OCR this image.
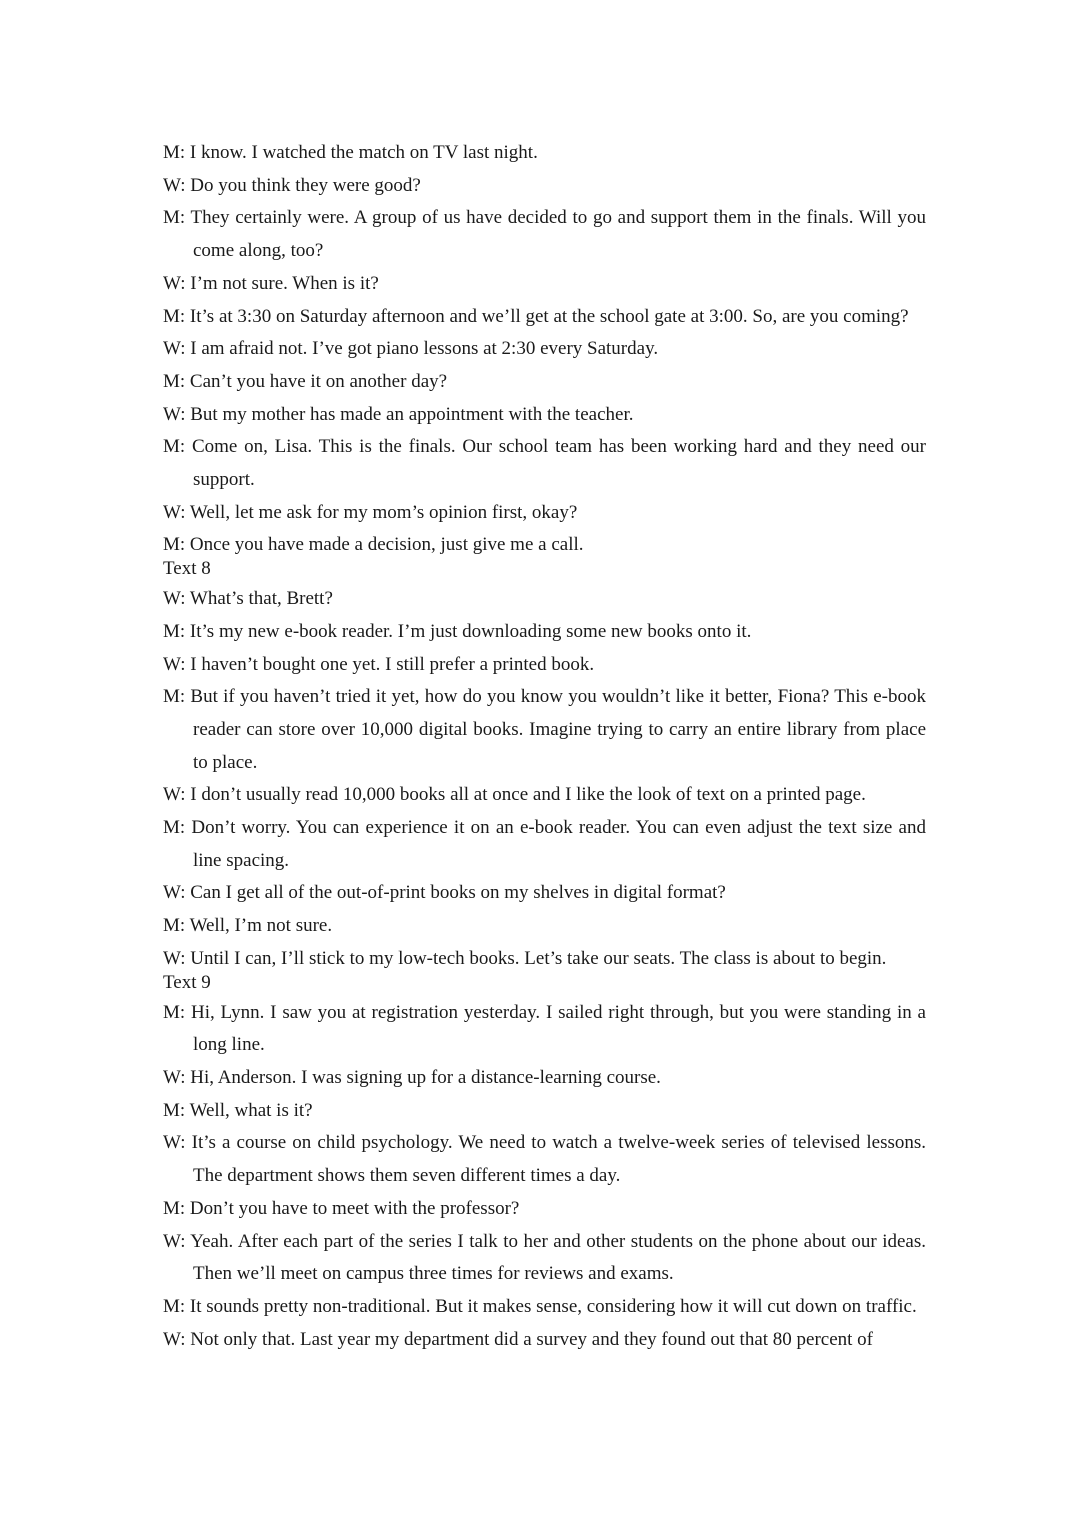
M: I know. I watched the match on TV last night.
W: Do you think they were good?
M: They certainly were. A group of us have decided to go and support them in the finals. Will you come along, too?
W: I’m not sure. When is it?
M: It’s at 3:30 on Saturday afternoon and we’ll get at the school gate at 3:00. So, are you coming?
W: I am afraid not. I’ve got piano lessons at 2:30 every Saturday.
M: Can’t you have it on another day?
W: But my mother has made an appointment with the teacher.
M: Come on, Lisa. This is the finals. Our school team has been working hard and they need our support.
W: Well, let me ask for my mom’s opinion first, okay?
M: Once you have made a decision, just give me a call.
Text 8
W: What’s that, Brett?
M: It’s my new e-book reader. I’m just downloading some new books onto it.
W: I haven’t bought one yet. I still prefer a printed book.
M: But if you haven’t tried it yet, how do you know you wouldn’t like it better, Fiona? This e-book reader can store over 10,000 digital books. Imagine trying to carry an entire library from place to place.
W: I don’t usually read 10,000 books all at once and I like the look of text on a printed page.
M: Don’t worry. You can experience it on an e-book reader. You can even adjust the text size and line spacing.
W: Can I get all of the out-of-print books on my shelves in digital format?
M: Well, I’m not sure.
W: Until I can, I’ll stick to my low-tech books. Let’s take our seats. The class is about to begin.
Text 9
M: Hi, Lynn. I saw you at registration yesterday. I sailed right through, but you were standing in a long line.
W: Hi, Anderson. I was signing up for a distance-learning course.
M: Well, what is it?
W: It’s a course on child psychology. We need to watch a twelve-week series of televised lessons. The department shows them seven different times a day.
M: Don’t you have to meet with the professor?
W: Yeah. After each part of the series I talk to her and other students on the phone about our ideas. Then we’ll meet on campus three times for reviews and exams.
M: It sounds pretty non-traditional. But it makes sense, considering how it will cut down on traffic.
W: Not only that. Last year my department did a survey and they found out that 80 percent of
